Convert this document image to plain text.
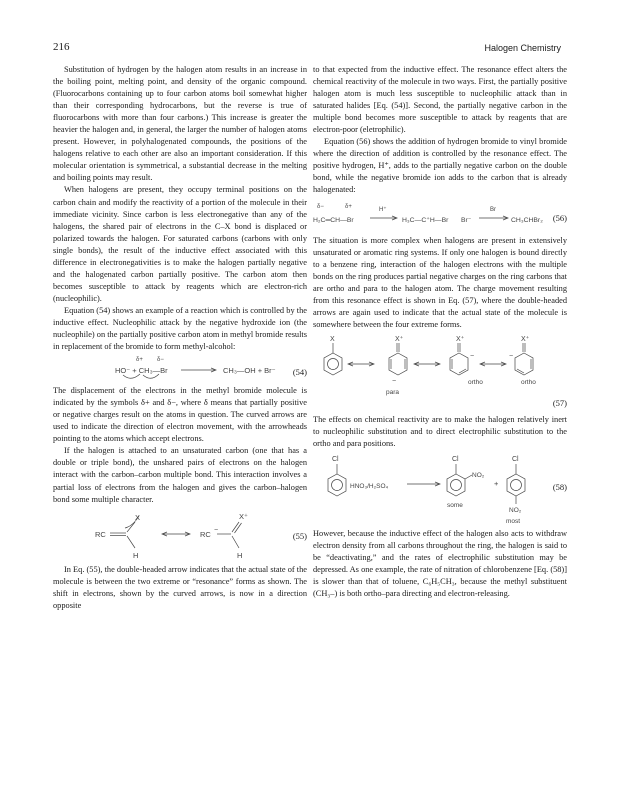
216	Halogen Chemistry

Substitution of hydrogen by the halogen atom results in an increase in the boiling point, melting point, and density of the organic compound. (Fluorocarbons containing up to four carbon atoms boil somewhat higher than their corresponding hydrocarbons, but the reverse is true of fluorocarbons with more than four carbons.) This increase is greater the heavier the halogen and, in general, the larger the number of halogen atoms present. However, in polyhalogenated compounds, the positions of the halogens relative to each other are also an important consideration. If this molecular orientation is symmetrical, a substantial decrease in the melting and boiling points may result.

When halogens are present, they occupy terminal positions on the carbon chain and modify the reactivity of a portion of the molecule in their immediate vicinity. Since carbon is less electronegative than any of the halogens, the shared pair of electrons in the C–X bond is displaced or polarized towards the halogen. For saturated carbons (carbons with only single bonds), the result of the inductive effect associated with this difference in electronegativities is to make the halogen partially negative and the halogenated carbon partially positive. The carbon atom then becomes susceptible to attack by reagents which are electron-rich (nucleophilic).

Equation (54) shows an example of a reaction which is controlled by the inductive effect. Nucleophilic attack by the negative hydroxide ion (the nucleophile) on the partially positive carbon atom in methyl bromide results in replacement of the bromide to form methyl-alcohol:

δ+ δ−
HO⁻ + CH₃—Br	CH₃—OH + Br⁻ (54)

The displacement of the electrons in the methyl bromide molecule is indicated by the symbols δ+ and δ−, where δ means that partially positive or negative charges result on the atoms in question. The curved arrows are used to indicate the direction of electron movement, with the arrowheads pointing to the atoms which accept electrons.

If the halogen is attached to an unsaturated carbon (one that has a double or triple bond), the unshared pairs of electrons on the halogen interact with the carbon–carbon multiple bond. This interaction involves a partial loss of electrons from the halogen and gives the carbon–halogen bond some multiple character.

RC
X
H
RC −
X⁺
H
(55)

In Eq. (55), the double-headed arrow indicates that the actual state of the molecule is between the two extreme or “resonance” forms as shown. The shift in electrons, shown by the curved arrows, is now in a direction opposite

to that expected from the inductive effect. The resonance effect alters the chemical reactivity of the molecule in two ways. First, the partially positive halogen atom is much less susceptible to nucleophilic attack than in saturated halides [Eq. (54)]. Second, the partially negative carbon in the multiple bond becomes more susceptible to attack by reagents that are electron-poor (eletrophilic).

Equation (56) shows the addition of hydrogen bromide to vinyl bromide where the direction of addition is controlled by the resonance effect. The positive hydrogen, H⁺, adds to the partially negative carbon on the double bond, while the negative bromide ion adds to the carbon that is already halogenated:

δ−	δ+
H₂C═CH—Br
H⁺
H₃C—C⁺H—Br Br⁻
Br
CH₃CHBr₂ (56)

The situation is more complex when halogens are present in extensively unsaturated or aromatic ring systems. If only one halogen is bound directly to a benzene ring, interaction of the halogen electrons with the multiple bonds on the ring produces partial negative charges on the ring carbons that are ortho and para to the halogen atom. The charge movement resulting from this resonance effect is shown in Eq. (57), where the double-headed arrows are again used to indicate that the actual state of the molecule is somewhere between the four extreme forms.

X	X⁺
−
para
X⁺
−
ortho
X⁺
−
ortho
(57)

The effects on chemical reactivity are to make the halogen relatively inert to nucleophilic substitution and to direct electrophilic substitution to the ortho and para positions.

Cl
HNO₃/H₂SO₄
Cl
NO₂
some
+
Cl
NO₂
most
(58)

However, because the inductive effect of the halogen also acts to withdraw electron density from all carbons throughout the ring, the halogen is said to be “deactivating,” and the rates of electrophilic substitution may be depressed. As one example, the rate of nitration of chlorobenzene [Eq. (58)] is slower than that of toluene, C₆H₅CH₃, because the methyl substituent (CH₃–) is both ortho–para directing and electron-releasing.
